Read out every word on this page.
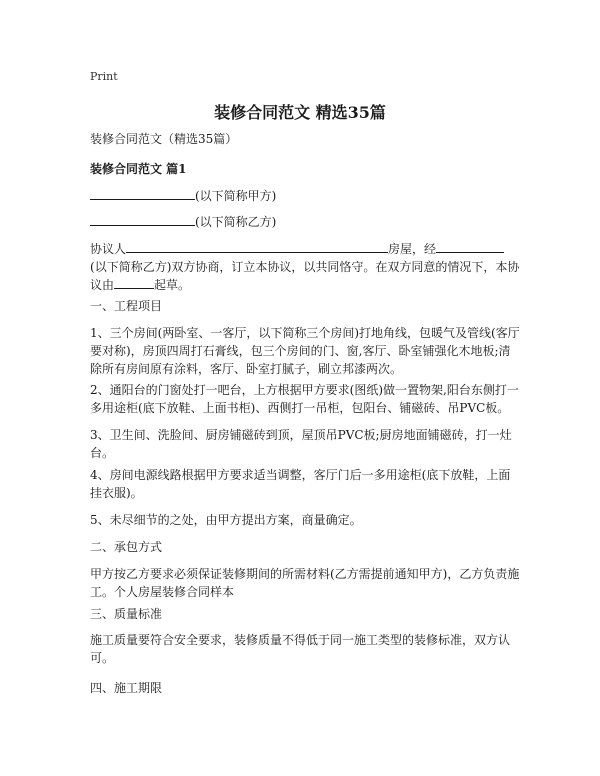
Print
装修合同范文 精选35篇
装修合同范文（精选35篇）
装修合同范文 篇1
(以下简称甲方)
(以下简称乙方)
协议人	房屋，经(以下简称乙方)双方协商，订立本协议，以共同恪守。在双方同意的情况下，本协议由	起草。
一、工程项目
1、三个房间(两卧室、一客厅，以下简称三个房间)打地角线，包暖气及管线(客厅要对称)，房顶四周打石膏线，包三个房间的门、窗,客厅、卧室铺强化木地板;清除所有房间原有涂料，客厅、卧室打腻子，刷立邦漆两次。
2、通阳台的门窗处打一吧台，上方根据甲方要求(图纸)做一置物架,阳台东侧打一多用途柜(底下放鞋、上面书柜)、西侧打一吊柜，包阳台、铺磁砖、吊PVC板。
3、卫生间、洗脸间、厨房铺磁砖到顶，屋顶吊PVC板;厨房地面铺磁砖，打一灶台。
4、房间电源线路根据甲方要求适当调整，客厅门后一多用途柜(底下放鞋，上面挂衣服)。
5、未尽细节的之处，由甲方提出方案，商量确定。
二、承包方式
甲方按乙方要求必须保证装修期间的所需材料(乙方需提前通知甲方)，乙方负责施工。个人房屋装修合同样本
三、质量标准
施工质量要符合安全要求，装修质量不得低于同一施工类型的装修标准，双方认可。
四、施工期限
